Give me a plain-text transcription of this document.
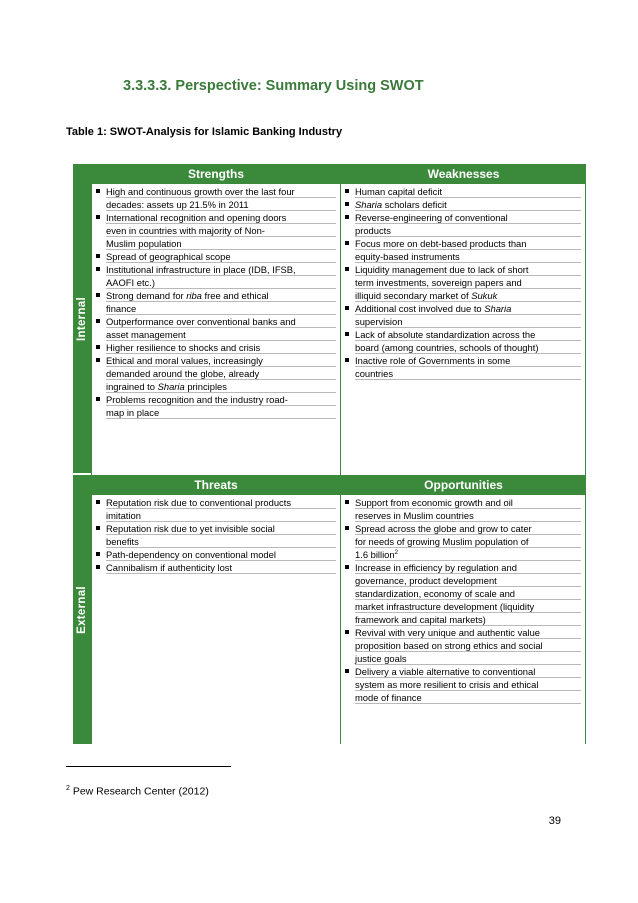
3.3.3.3. Perspective: Summary Using SWOT
Table 1: SWOT-Analysis for Islamic Banking Industry
Internal
External
Strengths	Weaknesses
Threats	Opportunities
High and continuous growth over the last four
decades: assets up 21.5% in 2011
International recognition and opening doors
even in countries with majority of Non-
Muslim population
Spread of geographical scope
Institutional infrastructure in place (IDB, IFSB,
AAOFI etc.)
Strong demand for riba free and ethical
finance
Outperformance over conventional banks and
asset management
Higher resilience to shocks and crisis
Ethical and moral values, increasingly
demanded around the globe, already
ingrained to Sharia principles
Problems recognition and the industry road-
map in place
Human capital deficit
Sharia scholars deficit
Reverse-engineering of conventional
products
Focus more on debt-based products than
equity-based instruments
Liquidity management due to lack of short
term investments, sovereign papers and
illiquid secondary market of Sukuk
Additional cost involved due to Sharia
supervision
Lack of absolute standardization across the
board (among countries, schools of thought)
Inactive role of Governments in some
countries
Reputation risk due to conventional products
imitation
Reputation risk due to yet invisible social
benefits
Path-dependency on conventional model
Cannibalism if authenticity lost
Support from economic growth and oil
reserves in Muslim countries
Spread across the globe and grow to cater
for needs of growing Muslim population of
1.6 billion$^2$
Increase in efficiency by regulation and
governance, product development
standardization, economy of scale and
market infrastructure development (liquidity
framework and capital markets)
Revival with very unique and authentic value
proposition based on strong ethics and social
justice goals
Delivery a viable alternative to conventional
system as more resilient to crisis and ethical
mode of finance
$^2$ Pew Research Center (2012)
39
